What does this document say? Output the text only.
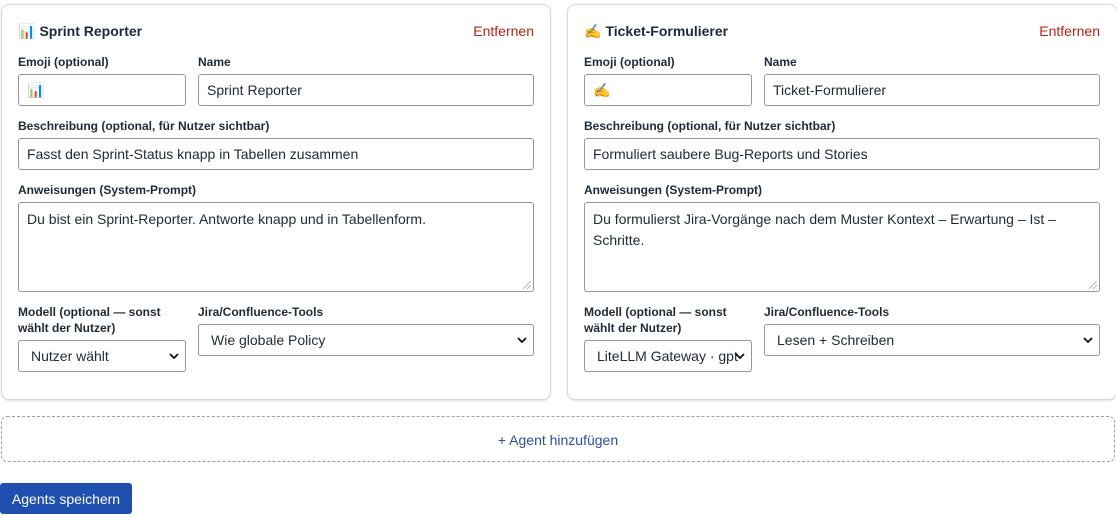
📊 Sprint Reporter	Entfernen
Emoji (optional)
📊
Name
Sprint Reporter
Beschreibung (optional, für Nutzer sichtbar)
Fasst den Sprint-Status knapp in Tabellen zusammen
Anweisungen (System-Prompt)
Du bist ein Sprint-Reporter. Antworte knapp und in Tabellenform.
Modell (optional — sonst
wählt der Nutzer)
Nutzer wählt
Jira/Confluence-Tools
Wie globale Policy
✍️ Ticket-Formulierer	Entfernen
Emoji (optional)
✍️
Name
Ticket-Formulierer
Beschreibung (optional, für Nutzer sichtbar)
Formuliert saubere Bug-Reports und Stories
Anweisungen (System-Prompt)
Du formulierst Jira-Vorgänge nach dem Muster Kontext – Erwartung – Ist – Schritte.
Modell (optional — sonst
wählt der Nutzer)
LiteLLM Gateway · gpt
Jira/Confluence-Tools
Lesen + Schreiben
+ Agent hinzufügen
Agents speichern
